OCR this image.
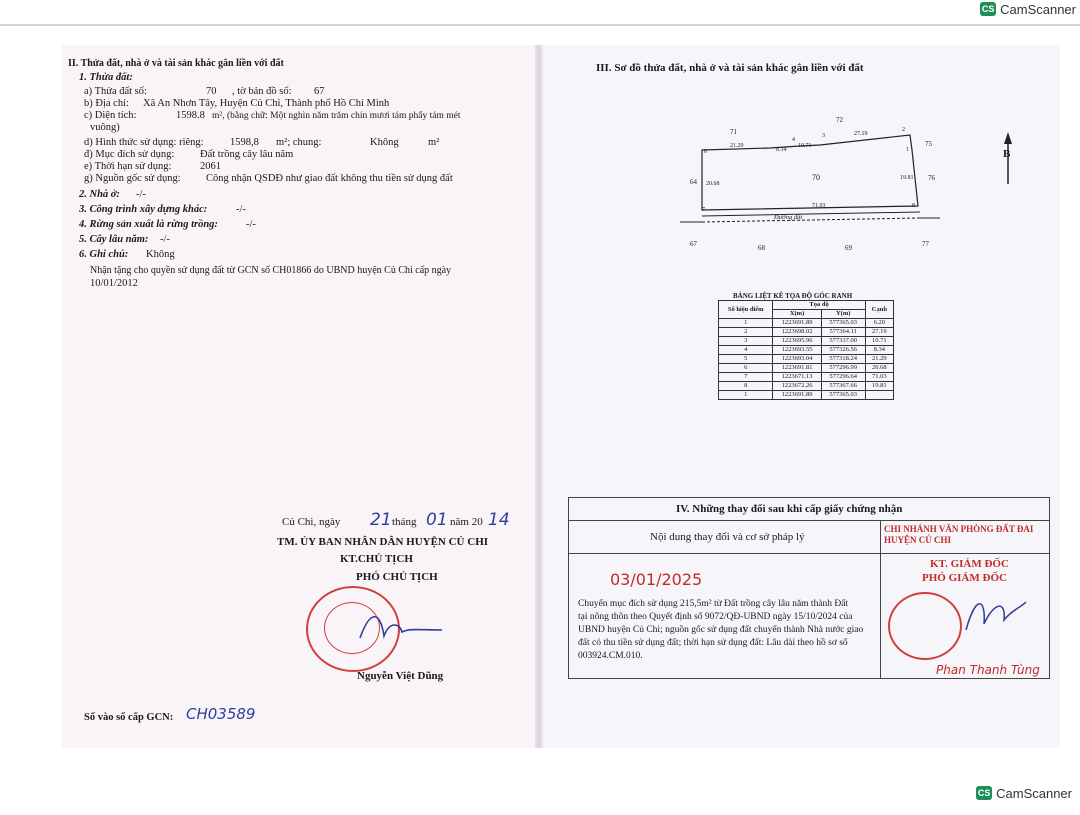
CS CamScanner
II. Thửa đất, nhà ở và tài sản khác gắn liền với đất
1. Thửa đất:
a) Thửa đất số:	70 , tờ bản đồ số: 67
b) Địa chỉ: Xã An Nhơn Tây, Huyện Củ Chi, Thành phố Hồ Chí Minh
c) Diện tích:	1598.8 m², (bằng chữ: Một nghìn năm trăm chín mươi tám phẩy tám mét
vuông)
d) Hình thức sử dụng: riêng:	1598,8 m²; chung:	Không	m²
đ) Mục đích sử dụng: Đất trồng cây lâu năm
e) Thời hạn sử dụng:	2061
g) Nguồn gốc sử dụng: Công nhận QSDĐ như giao đất không thu tiền sử dụng đất
2. Nhà ở: -/-
3. Công trình xây dựng khác:	-/-
4. Rừng sản xuất là rừng trồng:	-/-
5. Cây lâu năm: -/-
6. Ghi chú: Không
Nhận tặng cho quyền sử dụng đất từ GCN số CH01866 do UBND huyện Củ Chi cấp ngày
10/01/2012
Củ Chi, ngày 21 tháng 01 năm 20 14
TM. ỦY BAN NHÂN DÂN HUYỆN CỦ CHI
KT.CHỦ TỊCH
PHÓ CHỦ TỊCH
Nguyễn Việt Dũng
Số vào sổ cấp GCN: CH03589
III. Sơ đồ thửa đất, nhà ở và tài sản khác gắn liền với đất
B
70
71
72
75
76
64
67	68	69	77
Đường đất
21.29
8.34
10.71
27.19
20.68
19.81
71.03
6
4
3
2
1
8
7
BẢNG LIỆT KÊ TỌA ĐỘ GÓC RANH
Số hiệu điểm	Tọa độ		Cạnh
	X(m)	Y(m)	
1	1223691.89	577365.03	6.20
2	1223698.02	577364.11	27.19
3	1223695.96	577337.00	10.71
4	1223693.55	577326.56	8.34
5	1223693.04	577318.24	21.29
6	1223691.81	577296.99	20.68
7	1223671.13	577296.64	71.03
8	1223672.26	577367.66	19.81
1	1223691.89	577365.03	
IV. Những thay đổi sau khi cấp giấy chứng nhận
Nội dung thay đổi và cơ sở pháp lý
CHI NHÁNH VĂN PHÒNG ĐẤT ĐAI HUYỆN CỦ CHI
03/01/2025
Chuyển mục đích sử dụng 215,5m² từ Đất trồng cây lâu năm thành Đất
tại nông thôn theo Quyết định số 9072/QĐ-UBND ngày 15/10/2024 của
UBND huyện Củ Chi; nguồn gốc sử dụng đất chuyển thành Nhà nước giao
đất có thu tiền sử dụng đất; thời hạn sử dụng đất: Lâu dài theo hồ sơ số
003924.CM.010.
KT. GIÁM ĐỐC
PHÓ GIÁM ĐỐC
Phan Thanh Tùng
CS CamScanner
